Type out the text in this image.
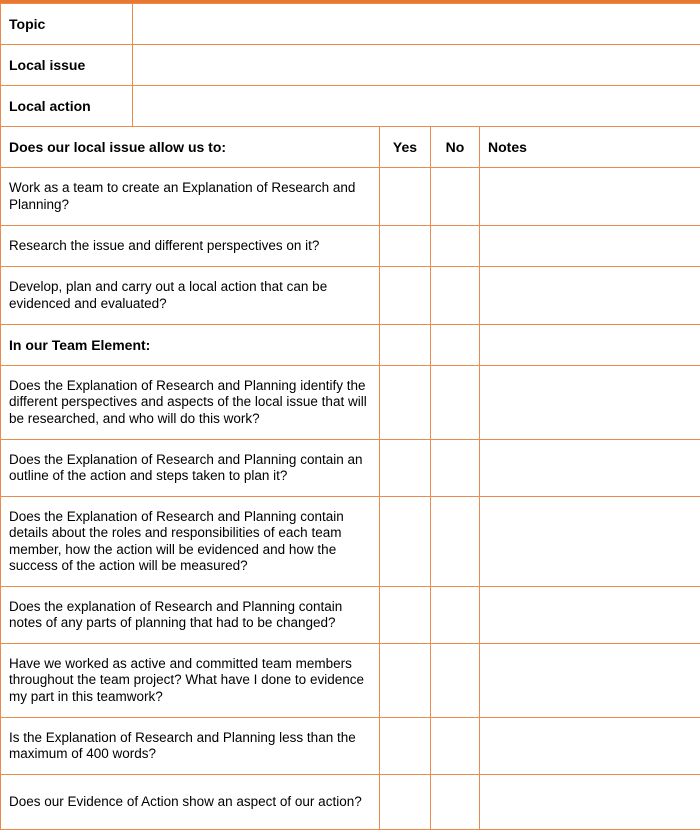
Topic				
Local issue				
Local action				
Does our local issue allow us to:		Yes	No	Notes
Work as a team to create an Explanation of Research and Planning?				
Research the issue and different perspectives on it?				
Develop, plan and carry out a local action that can be evidenced and evaluated?				
In our Team Element:				
Does the Explanation of Research and Planning identify the different perspectives and aspects of the local issue that will be researched, and who will do this work?				
Does the Explanation of Research and Planning contain an outline of the action and steps taken to plan it?				
Does the Explanation of Research and Planning contain details about the roles and responsibilities of each team member, how the action will be evidenced and how the success of the action will be measured?				
Does the explanation of Research and Planning contain notes of any parts of planning that had to be changed?				
Have we worked as active and committed team members throughout the team project? What have I done to evidence my part in this teamwork?				
Is the Explanation of Research and Planning less than the maximum of 400 words?				
Does our Evidence of Action show an aspect of our action?				
